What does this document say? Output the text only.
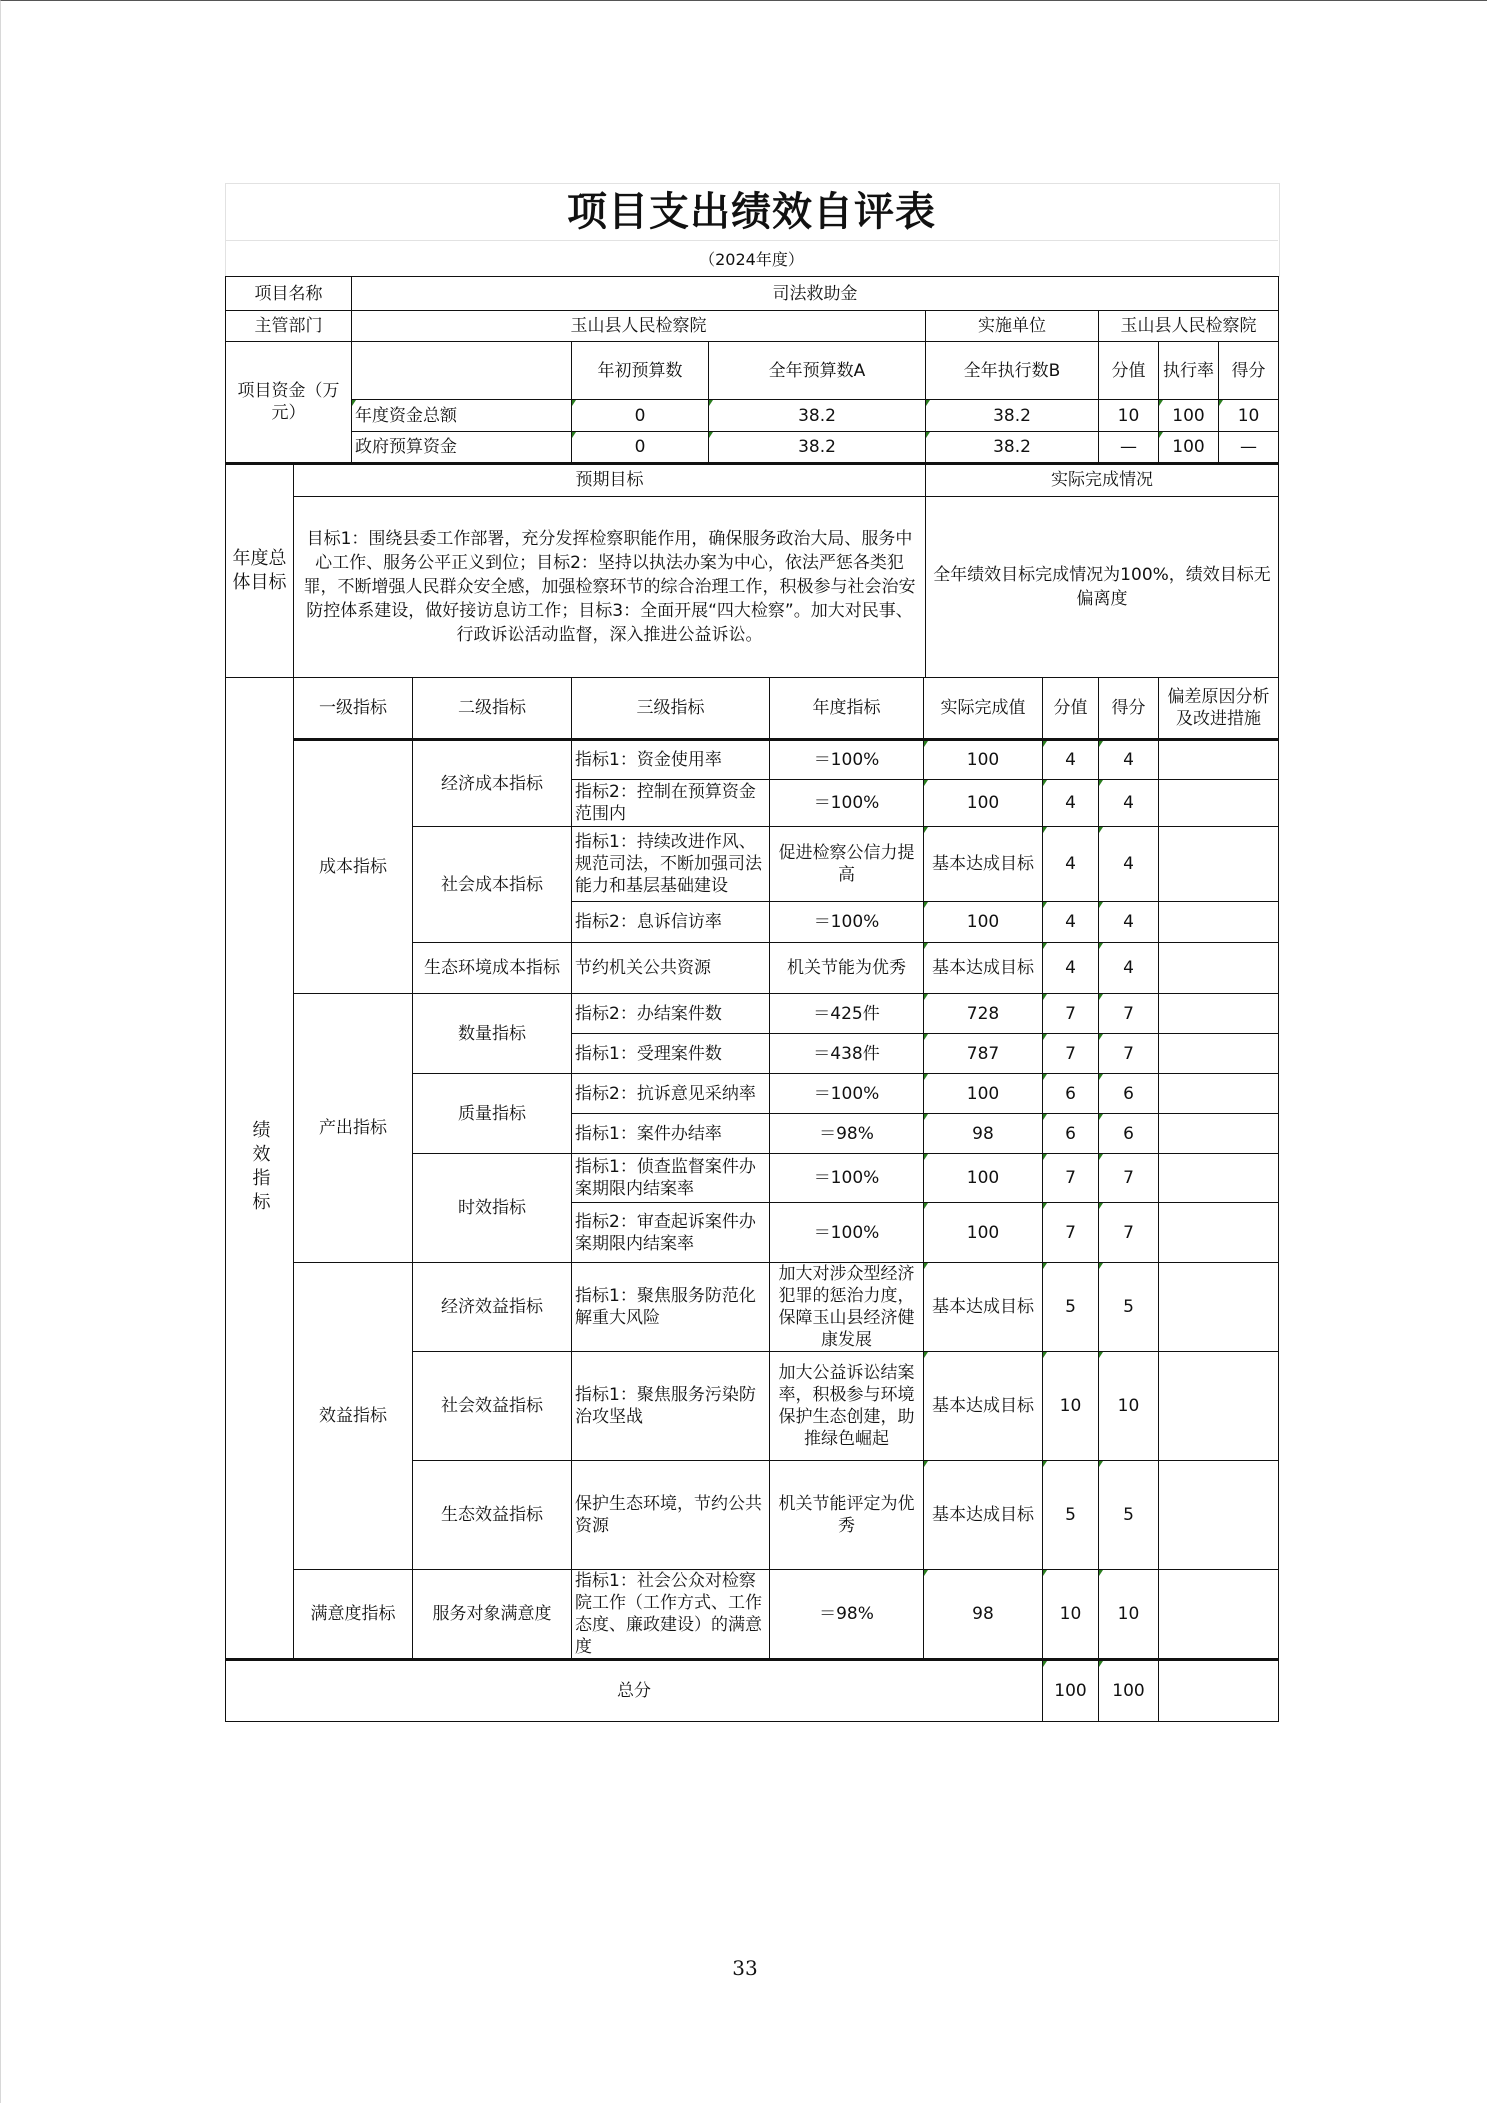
项目支出绩效自评表
（2024年度）
项目名称	司法救助金						
主管部门	玉山县人民检察院			实施单位	玉山县人民检察院		
项目资金（万元）		年初预算数	全年预算数A	全年执行数B	分值	执行率	得分
	年度资金总额	0	38.2	38.2	10	100	10
	政府预算资金	0	38.2	38.2	—	100	—
年度总体目标	预期目标	实际完成情况
	目标1：围绕县委工作部署，充分发挥检察职能作用，确保服务政治大局、服务中心工作、服务公平正义到位；目标2：坚持以执法办案为中心，依法严惩各类犯罪，不断增强人民群众安全感，加强检察环节的综合治理工作，积极参与社会治安防控体系建设，做好接访息访工作；目标3：全面开展“四大检察”。加大对民事、行政诉讼活动监督，深入推进公益诉讼。	全年绩效目标完成情况为100%，绩效目标无偏离度
绩效指标	一级指标	二级指标	三级指标	年度指标	实际完成值	分值	得分	偏差原因分析及改进措施
	成本指标	经济成本指标	指标1：资金使用率	＝100%	100	4	4	
			指标2：控制在预算资金范围内	＝100%	100	4	4	
		社会成本指标	指标1：持续改进作风、规范司法，不断加强司法能力和基层基础建设	促进检察公信力提高	基本达成目标	4	4	
			指标2：息诉信访率	＝100%	100	4	4	
		生态环境成本指标	节约机关公共资源	机关节能为优秀	基本达成目标	4	4	
	产出指标	数量指标	指标2：办结案件数	＝425件	728	7	7	
			指标1：受理案件数	＝438件	787	7	7	
		质量指标	指标2：抗诉意见采纳率	＝100%	100	6	6	
			指标1：案件办结率	＝98%	98	6	6	
		时效指标	指标1：侦查监督案件办案期限内结案率	＝100%	100	7	7	
			指标2：审查起诉案件办案期限内结案率	＝100%	100	7	7	
	效益指标	经济效益指标	指标1：聚焦服务防范化解重大风险	加大对涉众型经济犯罪的惩治力度，保障玉山县经济健康发展	基本达成目标	5	5	
		社会效益指标	指标1：聚焦服务污染防治攻坚战	加大公益诉讼结案率，积极参与环境保护生态创建，助推绿色崛起	基本达成目标	10	10	
		生态效益指标	保护生态环境，节约公共资源	机关节能评定为优秀	基本达成目标	5	5	
	满意度指标	服务对象满意度	指标1：社会公众对检察院工作（工作方式、工作态度、廉政建设）的满意度	＝98%	98	10	10	
总分						100	100	
33
